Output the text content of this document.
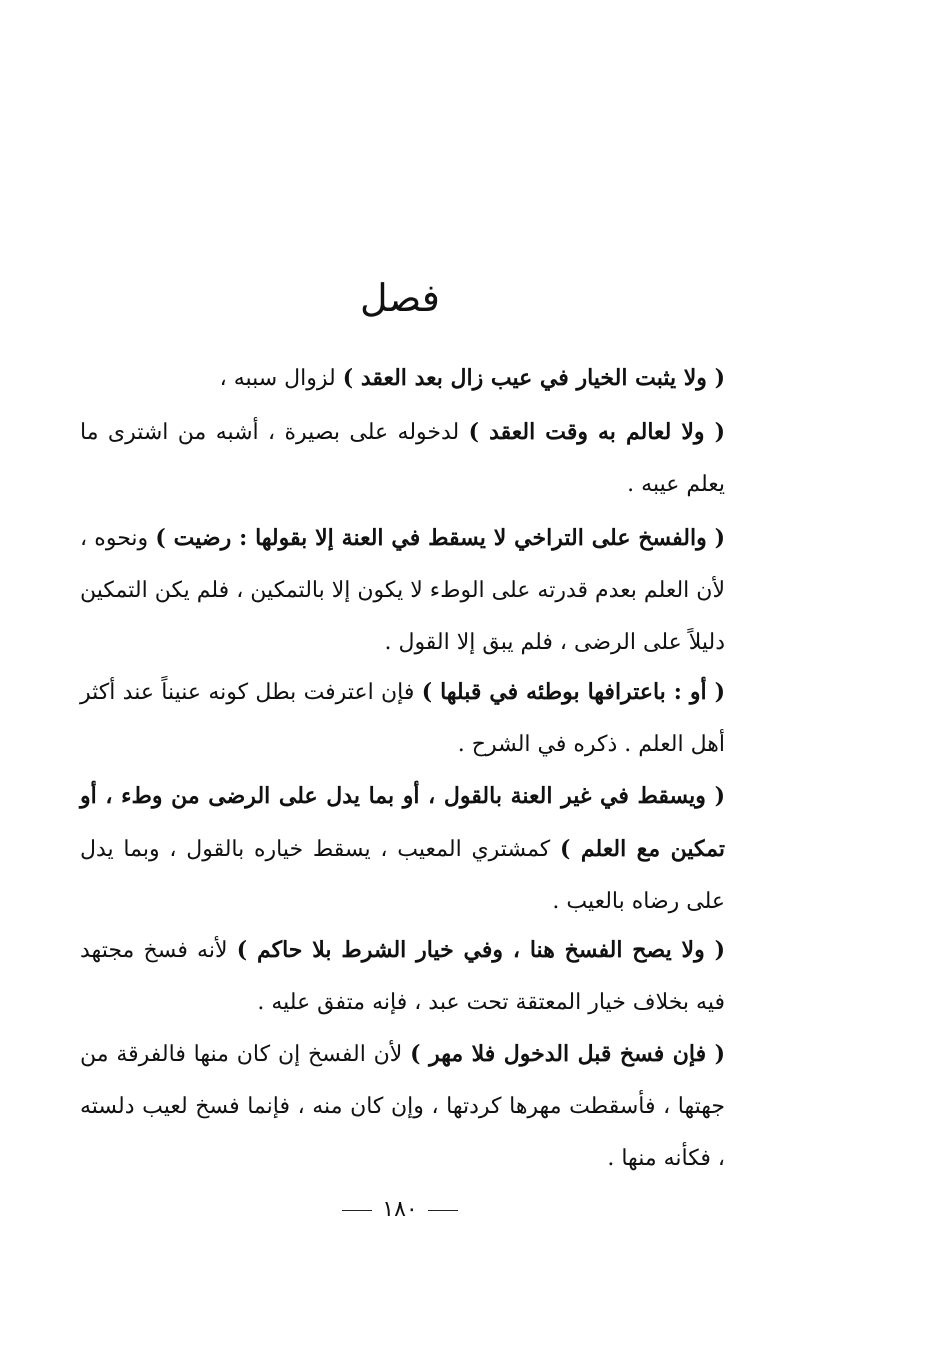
فصل

( ولا يثبت الخيار في عيب زال بعد العقد ) لزوال سببه ،

( ولا لعالم به وقت العقد ) لدخوله على بصيرة ، أشبه من اشترى ما يعلم عيبه .

( والفسخ على التراخي لا يسقط في العنة إلا بقولها : رضيت ) ونحوه ، لأن العلم بعدم قدرته على الوطء لا يكون إلا بالتمكين ، فلم يكن التمكين دليلاً على الرضى ، فلم يبق إلا القول .

( أو : باعترافها بوطئه في قبلها ) فإن اعترفت بطل كونه عنيناً عند أكثر أهل العلم . ذكره في الشرح .

( ويسقط في غير العنة بالقول ، أو بما يدل على الرضى من وطء ، أو تمكين مع العلم ) كمشتري المعيب ، يسقط خياره بالقول ، وبما يدل على رضاه بالعيب .

( ولا يصح الفسخ هنا ، وفي خيار الشرط بلا حاكم ) لأنه فسخ مجتهد فيه بخلاف خيار المعتقة تحت عبد ، فإنه متفق عليه .

( فإن فسخ قبل الدخول فلا مهر ) لأن الفسخ إن كان منها فالفرقة من جهتها ، فأسقطت مهرها كردتها ، وإن كان منه ، فإنما فسخ لعيب دلسته ، فكأنه منها .

١٨٠
